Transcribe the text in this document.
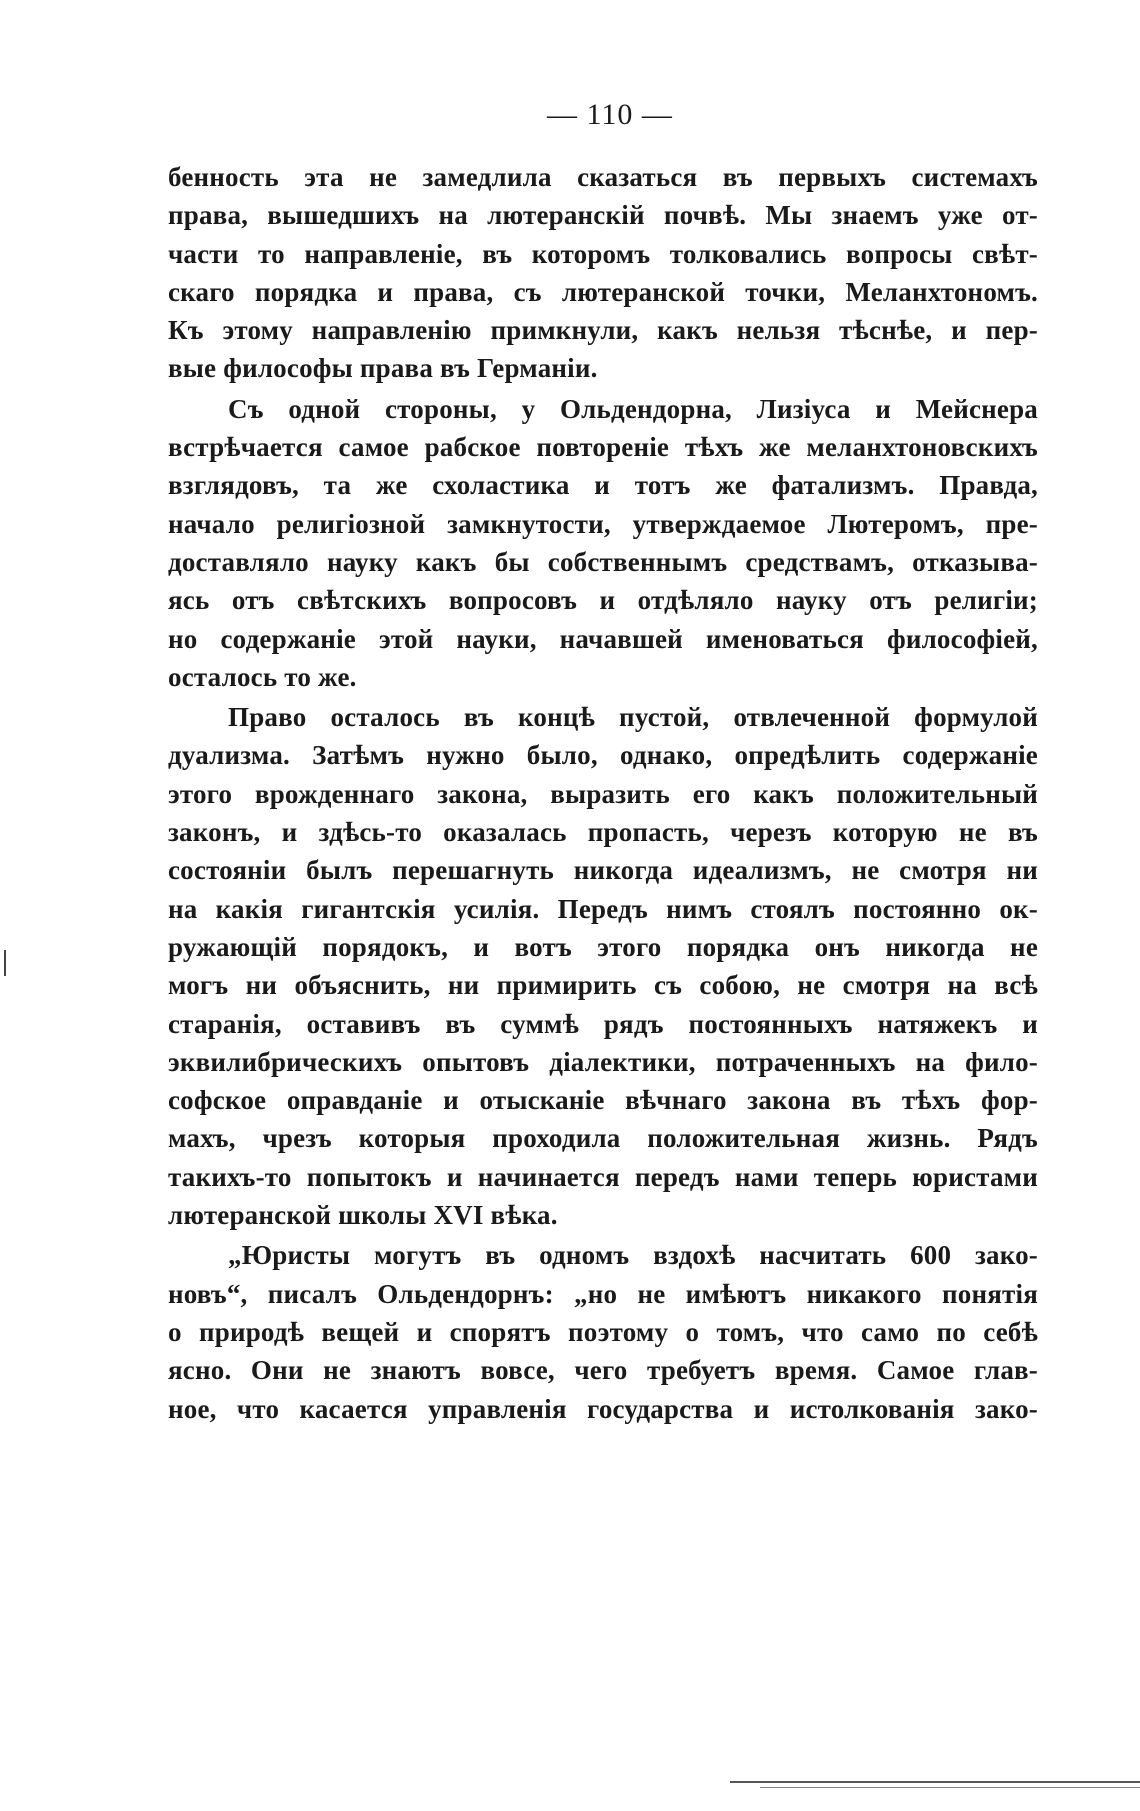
— 110 —
бенность эта не замедлила сказаться въ первыхъ системахъ
права, вышедшихъ на лютеранскій почвѣ. Мы знаемъ уже от-
части то направленіе, въ которомъ толковались вопросы свѣт-
скаго порядка и права, съ лютеранской точки, Меланхтономъ.
Къ этому направленію примкнули, какъ нельзя тѣснѣе, и пер-
вые философы права въ Германіи.
Съ одной стороны, у Ольдендорна, Лизіуса и Мейснера
встрѣчается самое рабское повтореніе тѣхъ же меланхтоновскихъ
взглядовъ, та же схоластика и тотъ же фатализмъ. Правда,
начало религіозной замкнутости, утверждаемое Лютеромъ, пре-
доставляло науку какъ бы собственнымъ средствамъ, отказыва-
ясь отъ свѣтскихъ вопросовъ и отдѣляло науку отъ религіи;
но содержаніе этой науки, начавшей именоваться философіей,
осталось то же.
Право осталось въ концѣ пустой, отвлеченной формулой
дуализма. Затѣмъ нужно было, однако, опредѣлить содержаніе
этого врожденнаго закона, выразить его какъ положительный
законъ, и здѣсь-то оказалась пропасть, черезъ которую не въ
состояніи былъ перешагнуть никогда идеализмъ, не смотря ни
на какія гигантскія усилія. Передъ нимъ стоялъ постоянно ок-
ружающій порядокъ, и вотъ этого порядка онъ никогда не
могъ ни объяснить, ни примирить съ собою, не смотря на всѣ
старанія, оставивъ въ суммѣ рядъ постоянныхъ натяжекъ и
эквилибрическихъ опытовъ діалектики, потраченныхъ на фило-
софское оправданіе и отысканіе вѣчнаго закона въ тѣхъ фор-
махъ, чрезъ которыя проходила положительная жизнь. Рядъ
такихъ-то попытокъ и начинается передъ нами теперь юристами
лютеранской школы XVI вѣка.
„Юристы могутъ въ одномъ вздохѣ насчитать 600 зако-
новъ“, писалъ Ольдендорнъ: „но не имѣютъ никакого понятія
о природѣ вещей и спорятъ поэтому о томъ, что само по себѣ
ясно. Они не знаютъ вовсе, чего требуетъ время. Самое глав-
ное, что касается управленія государства и истолкованія зако-
